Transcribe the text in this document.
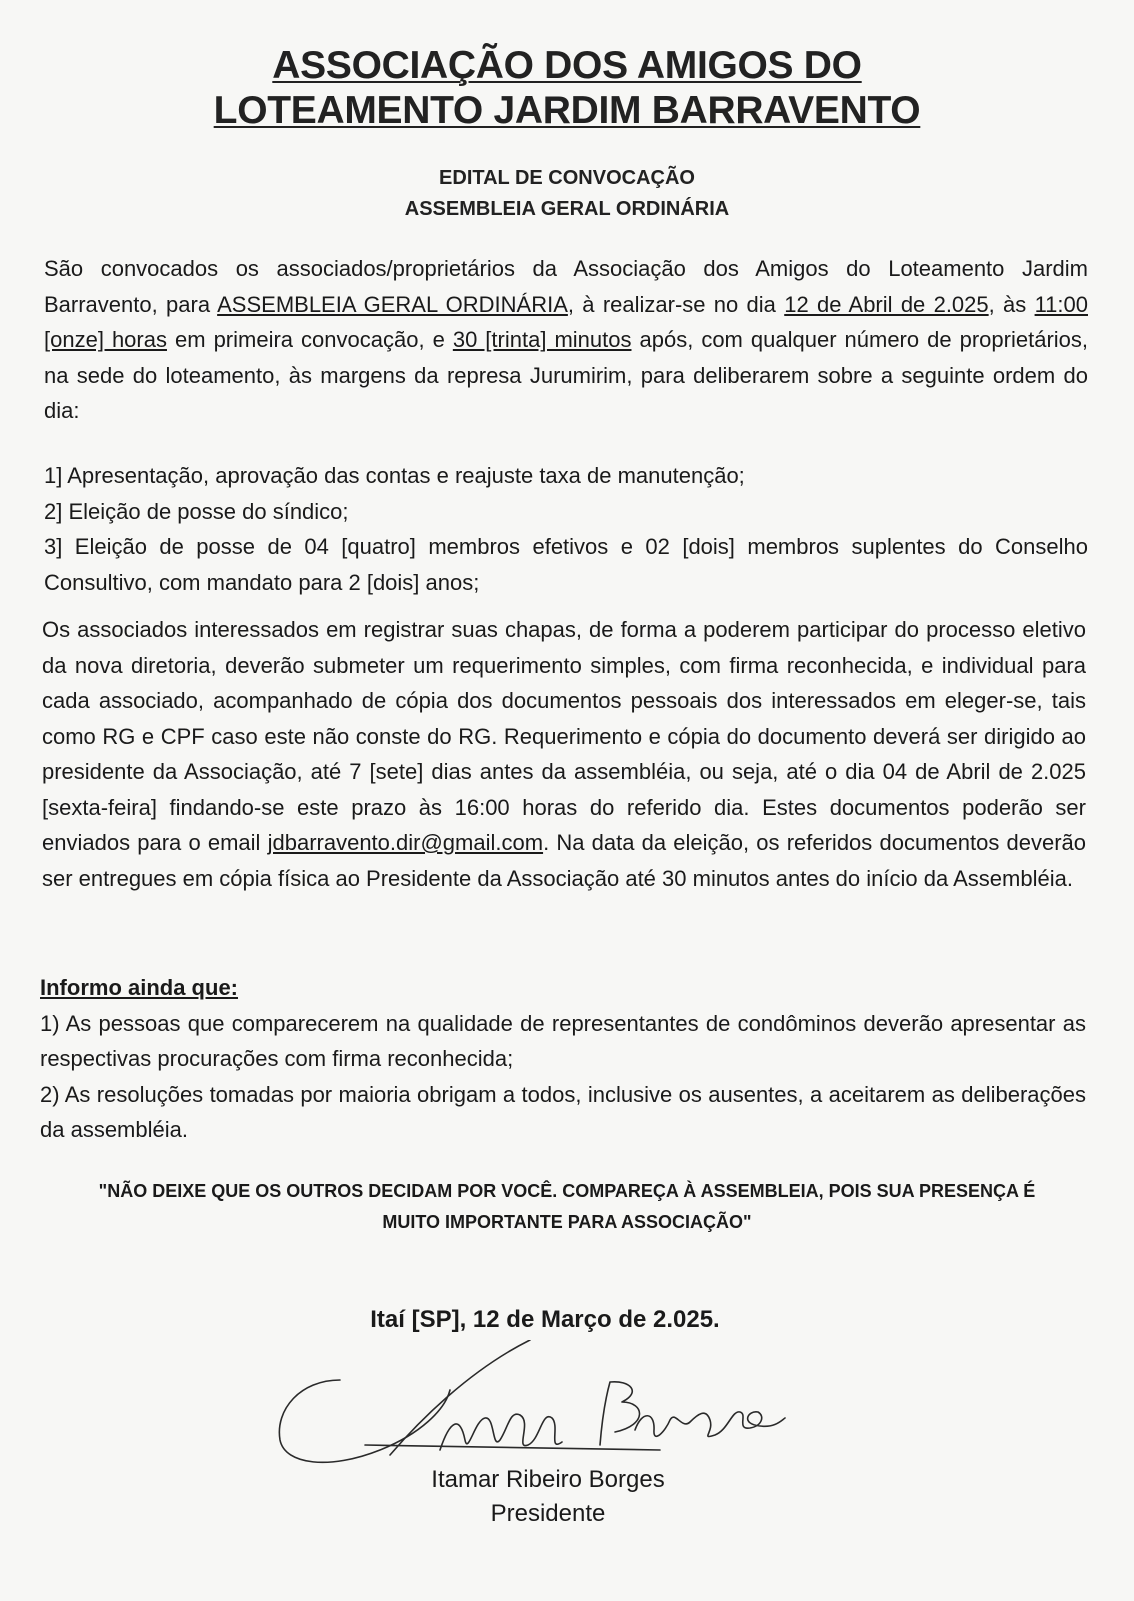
ASSOCIAÇÃO DOS AMIGOS DO
LOTEAMENTO JARDIM BARRAVENTO
EDITAL DE CONVOCAÇÃO
ASSEMBLEIA GERAL ORDINÁRIA
São convocados os associados/proprietários da Associação dos Amigos do Loteamento Jardim Barravento, para ASSEMBLEIA GERAL ORDINÁRIA, à realizar-se no dia 12 de Abril de 2.025, às 11:00 [onze] horas em primeira convocação, e 30 [trinta] minutos após, com qualquer número de proprietários, na sede do loteamento, às margens da represa Jurumirim, para deliberarem sobre a seguinte ordem do dia:

1] Apresentação, aprovação das contas e reajuste taxa de manutenção;

2] Eleição de posse do síndico;

3] Eleição de posse de 04 [quatro] membros efetivos e 02 [dois] membros suplentes do Conselho Consultivo, com mandato para 2 [dois] anos;

Os associados interessados em registrar suas chapas, de forma a poderem participar do processo eletivo da nova diretoria, deverão submeter um requerimento simples, com firma reconhecida, e individual para cada associado, acompanhado de cópia dos documentos pessoais dos interessados em eleger-se, tais como RG e CPF caso este não conste do RG. Requerimento e cópia do documento deverá ser dirigido ao presidente da Associação, até 7 [sete] dias antes da assembléia, ou seja, até o dia 04 de Abril de 2.025 [sexta-feira] findando-se este prazo às 16:00 horas do referido dia. Estes documentos poderão ser enviados para o email jdbarravento.dir@gmail.com. Na data da eleição, os referidos documentos deverão ser entregues em cópia física ao Presidente da Associação até 30 minutos antes do início da Assembléia.

Informo ainda que:

1) As pessoas que comparecerem na qualidade de representantes de condôminos deverão apresentar as respectivas procurações com firma reconhecida;

2) As resoluções tomadas por maioria obrigam a todos, inclusive os ausentes, a aceitarem as deliberações da assembléia.

"NÃO DEIXE QUE OS OUTROS DECIDAM POR VOCÊ. COMPAREÇA À ASSEMBLEIA, POIS SUA PRESENÇA É
MUITO IMPORTANTE PARA ASSOCIAÇÃO"
Itaí [SP], 12 de Março de 2.025.
Itamar Ribeiro Borges
Presidente
